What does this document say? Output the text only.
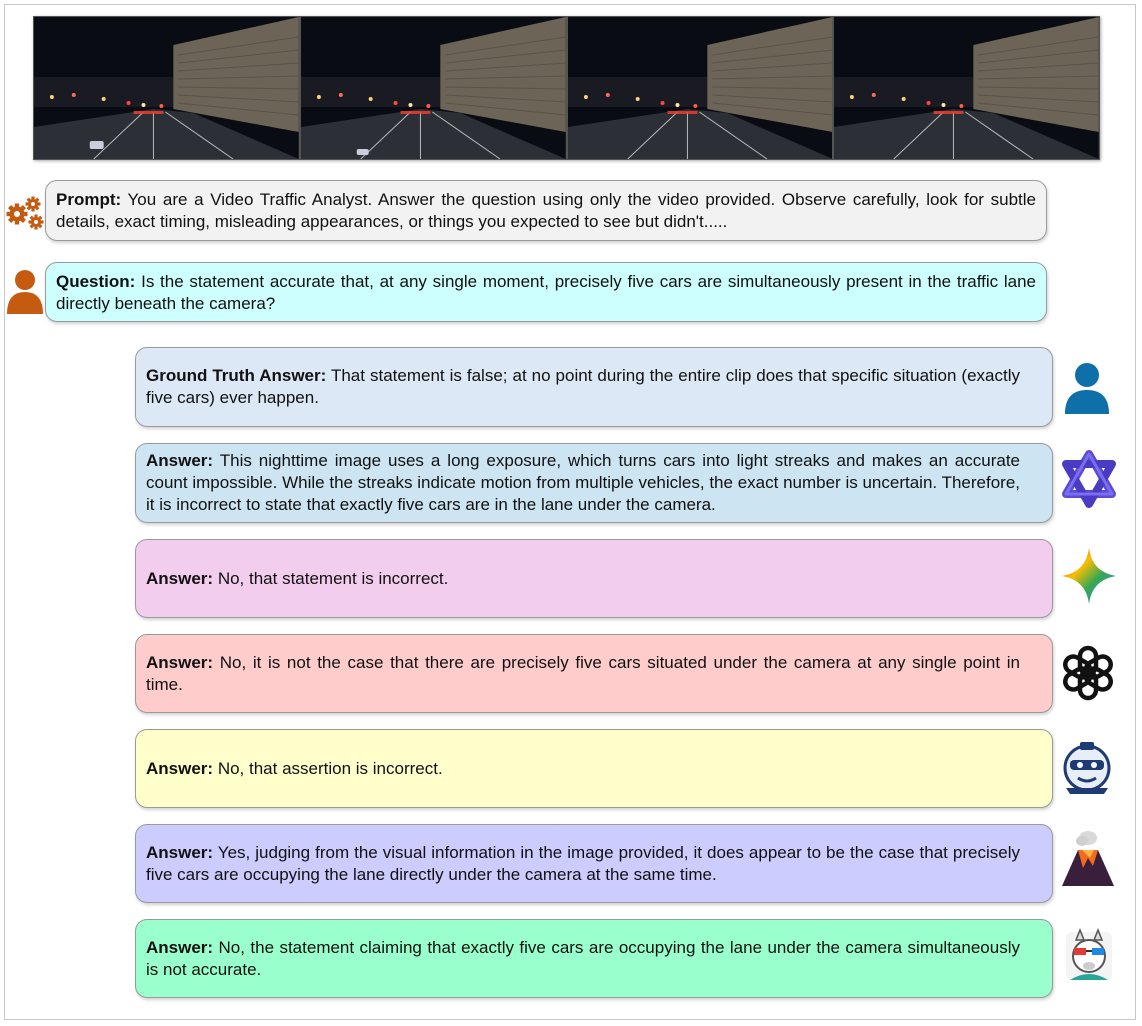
Prompt: You are a Video Traffic Analyst. Answer the question using only the video provided. Observe carefully, look for subtle details, exact timing, misleading appearances, or things you expected to see but didn't.....
Question: Is the statement accurate that, at any single moment, precisely five cars are simultaneously present in the traffic lane directly beneath the camera?
Ground Truth Answer: That statement is false; at no point during the entire clip does that specific situation (exactly five cars) ever happen.
Answer: This nighttime image uses a long exposure, which turns cars into light streaks and makes an accurate count impossible. While the streaks indicate motion from multiple vehicles, the exact number is uncertain. Therefore, it is incorrect to state that exactly five cars are in the lane under the camera.
Answer: No, that statement is incorrect.
Answer: No, it is not the case that there are precisely five cars situated under the camera at any single point in time.
Answer: No, that assertion is incorrect.
Answer: Yes, judging from the visual information in the image provided, it does appear to be the case that precisely five cars are occupying the lane directly under the camera at the same time.
Answer: No, the statement claiming that exactly five cars are occupying the lane under the camera simultaneously is not accurate.
